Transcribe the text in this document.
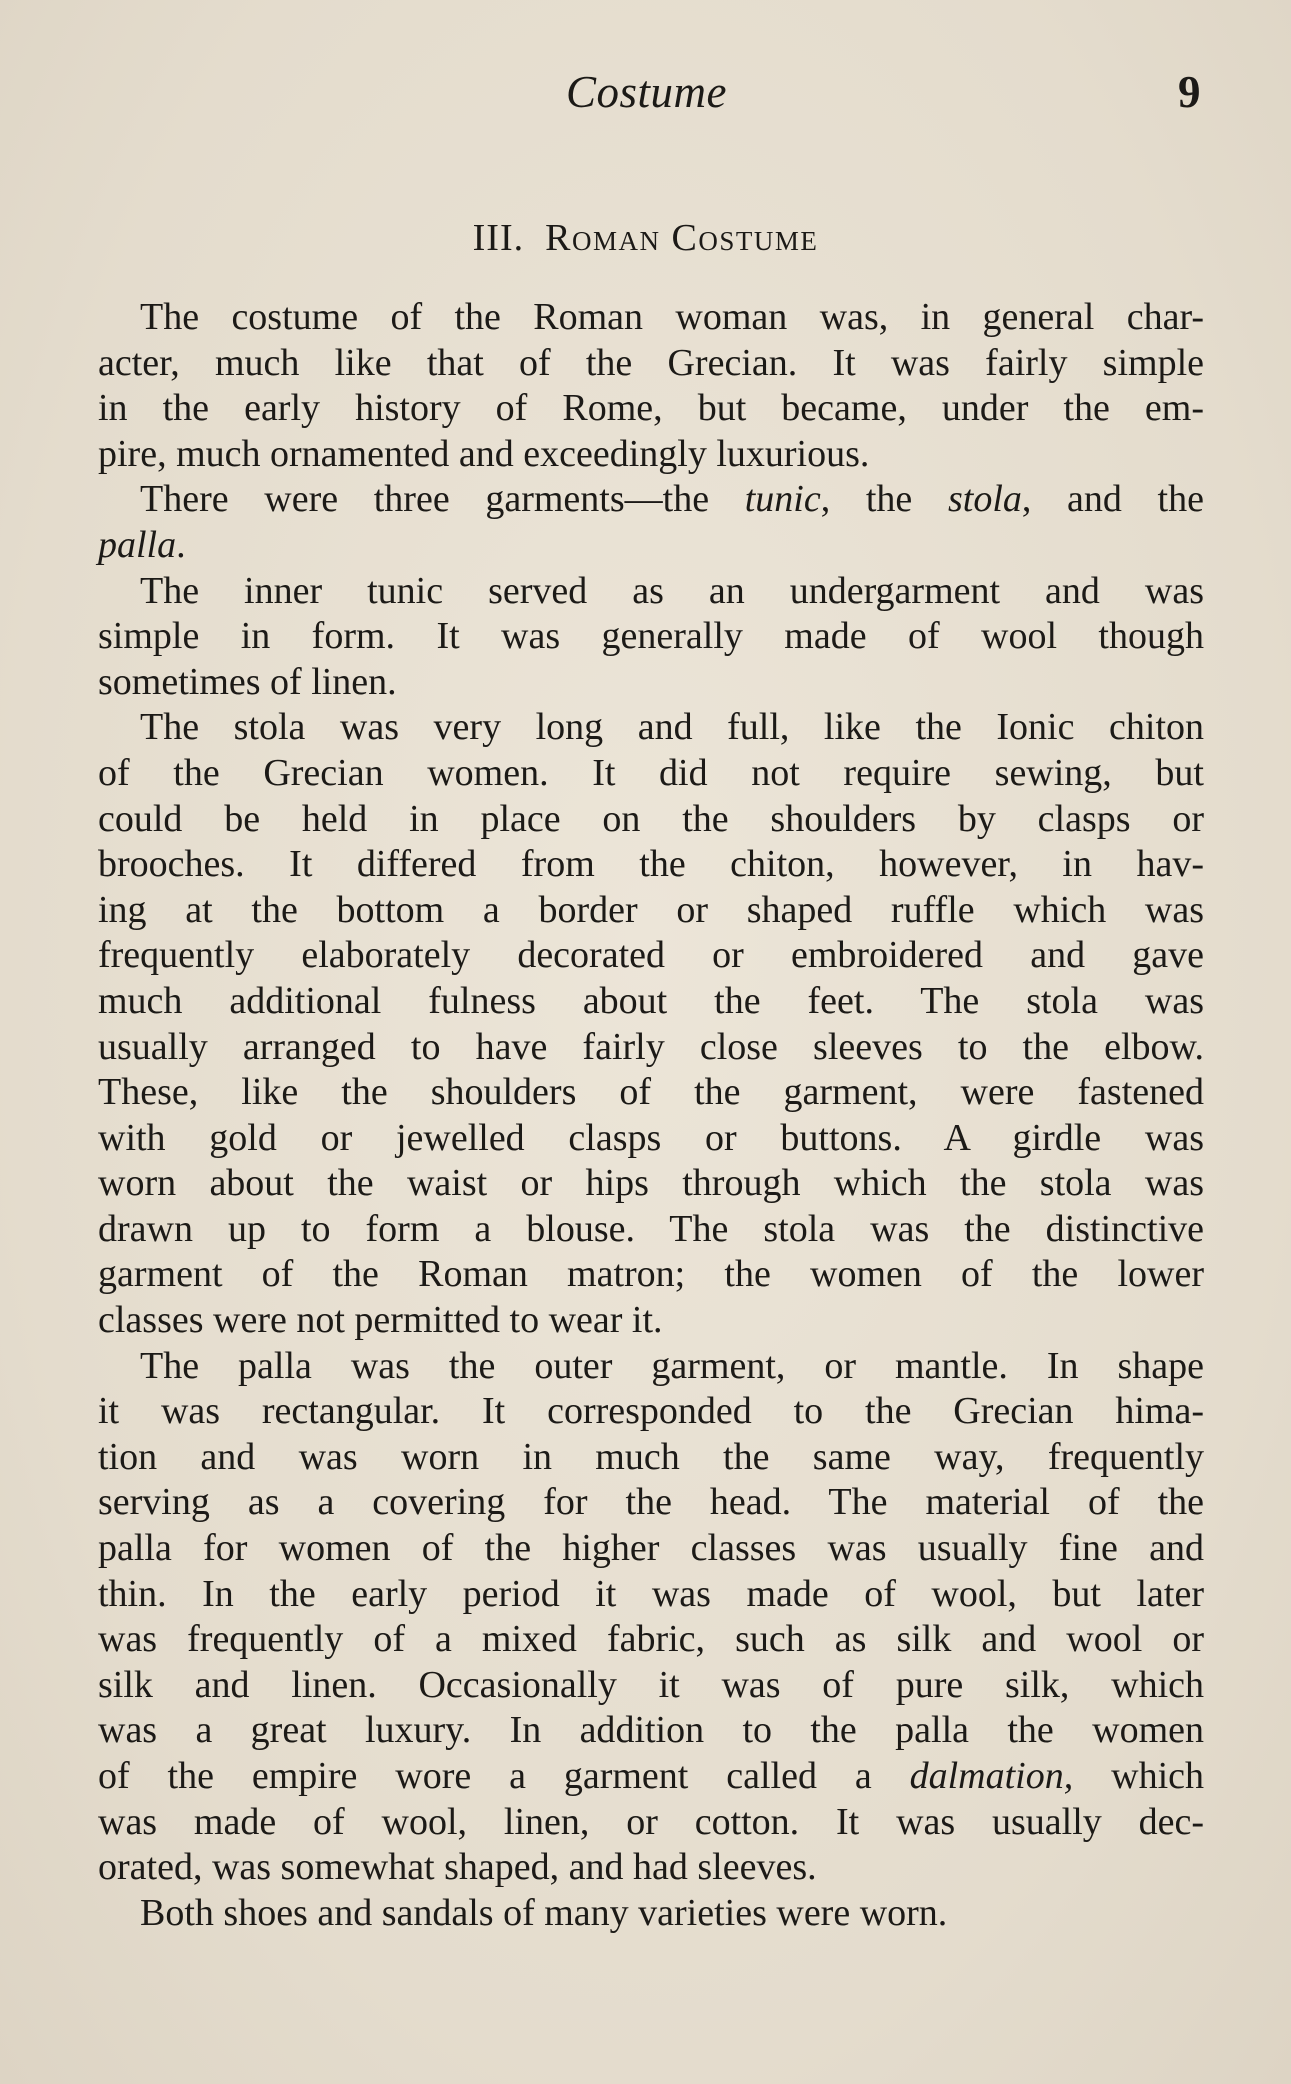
Costume	9
III. Roman Costume

The costume of the Roman woman was, in general char-
acter, much like that of the Grecian. It was fairly simple
in the early history of Rome, but became, under the em-
pire, much ornamented and exceedingly luxurious.

There were three garments—the tunic, the stola, and the
palla.

The inner tunic served as an undergarment and was
simple in form. It was generally made of wool though
sometimes of linen.

The stola was very long and full, like the Ionic chiton
of the Grecian women. It did not require sewing, but
could be held in place on the shoulders by clasps or
brooches. It differed from the chiton, however, in hav-
ing at the bottom a border or shaped ruffle which was
frequently elaborately decorated or embroidered and gave
much additional fulness about the feet. The stola was
usually arranged to have fairly close sleeves to the elbow.
These, like the shoulders of the garment, were fastened
with gold or jewelled clasps or buttons. A girdle was
worn about the waist or hips through which the stola was
drawn up to form a blouse. The stola was the distinctive
garment of the Roman matron; the women of the lower
classes were not permitted to wear it.

The palla was the outer garment, or mantle. In shape
it was rectangular. It corresponded to the Grecian hima-
tion and was worn in much the same way, frequently
serving as a covering for the head. The material of the
palla for women of the higher classes was usually fine and
thin. In the early period it was made of wool, but later
was frequently of a mixed fabric, such as silk and wool or
silk and linen. Occasionally it was of pure silk, which
was a great luxury. In addition to the palla the women
of the empire wore a garment called a dalmation, which
was made of wool, linen, or cotton. It was usually dec-
orated, was somewhat shaped, and had sleeves.

Both shoes and sandals of many varieties were worn.
